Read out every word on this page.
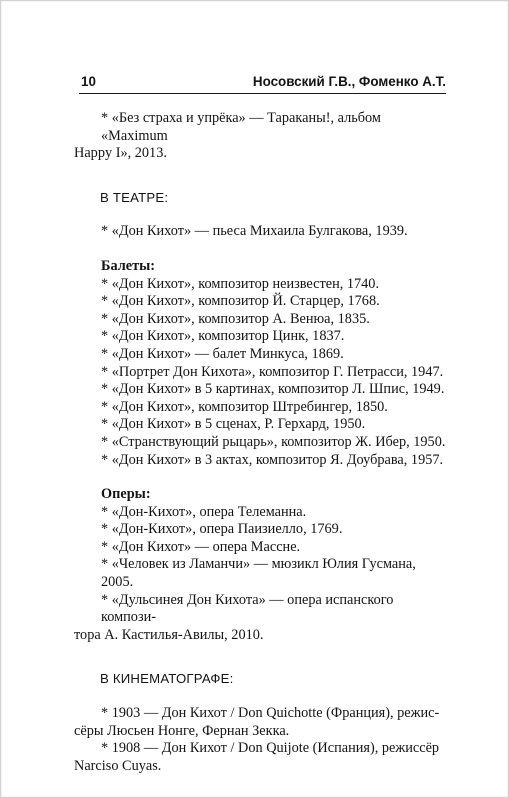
10	Носовский Г.В., Фоменко А.Т.

* «Без страха и упрёка» — Тараканы!, альбом «Maximum
Happy I», 2013.

В ТЕАТРЕ:

* «Дон Кихот» — пьеса Михаила Булгакова, 1939.

Балеты:

* «Дон Кихот», композитор неизвестен, 1740.

* «Дон Кихот», композитор Й. Старцер, 1768.

* «Дон Кихот», композитор А. Венюа, 1835.

* «Дон Кихот», композитор Цинк, 1837.

* «Дон Кихот» — балет Минкуса, 1869.

* «Портрет Дон Кихота», композитор Г. Петрасси, 1947.

* «Дон Кихот» в 5 картинах, композитор Л. Шпис, 1949.

* «Дон Кихот», композитор Штребингер, 1850.

* «Дон Кихот» в 5 сценах, Р. Герхард, 1950.

* «Странствующий рыцарь», композитор Ж. Ибер, 1950.

* «Дон Кихот» в 3 актах, композитор Я. Доубрава, 1957.

Оперы:

* «Дон-Кихот», опера Телеманна.

* «Дон-Кихот», опера Паизиелло, 1769.

* «Дон Кихот» — опера Массне.

* «Человек из Ламанчи» — мюзикл Юлия Гусмана, 2005.

* «Дульсинея Дон Кихота» — опера испанского компози-
тора А. Кастилья-Авилы, 2010.

В КИНЕМАТОГРАФЕ:

* 1903 — Дон Кихот / Don Quichotte (Франция), режис-
сёры Люсьен Нонге, Фернан Зекка.

* 1908 — Дон Кихот / Don Quijote (Испания), режиссёр
Narciso Cuyas.
